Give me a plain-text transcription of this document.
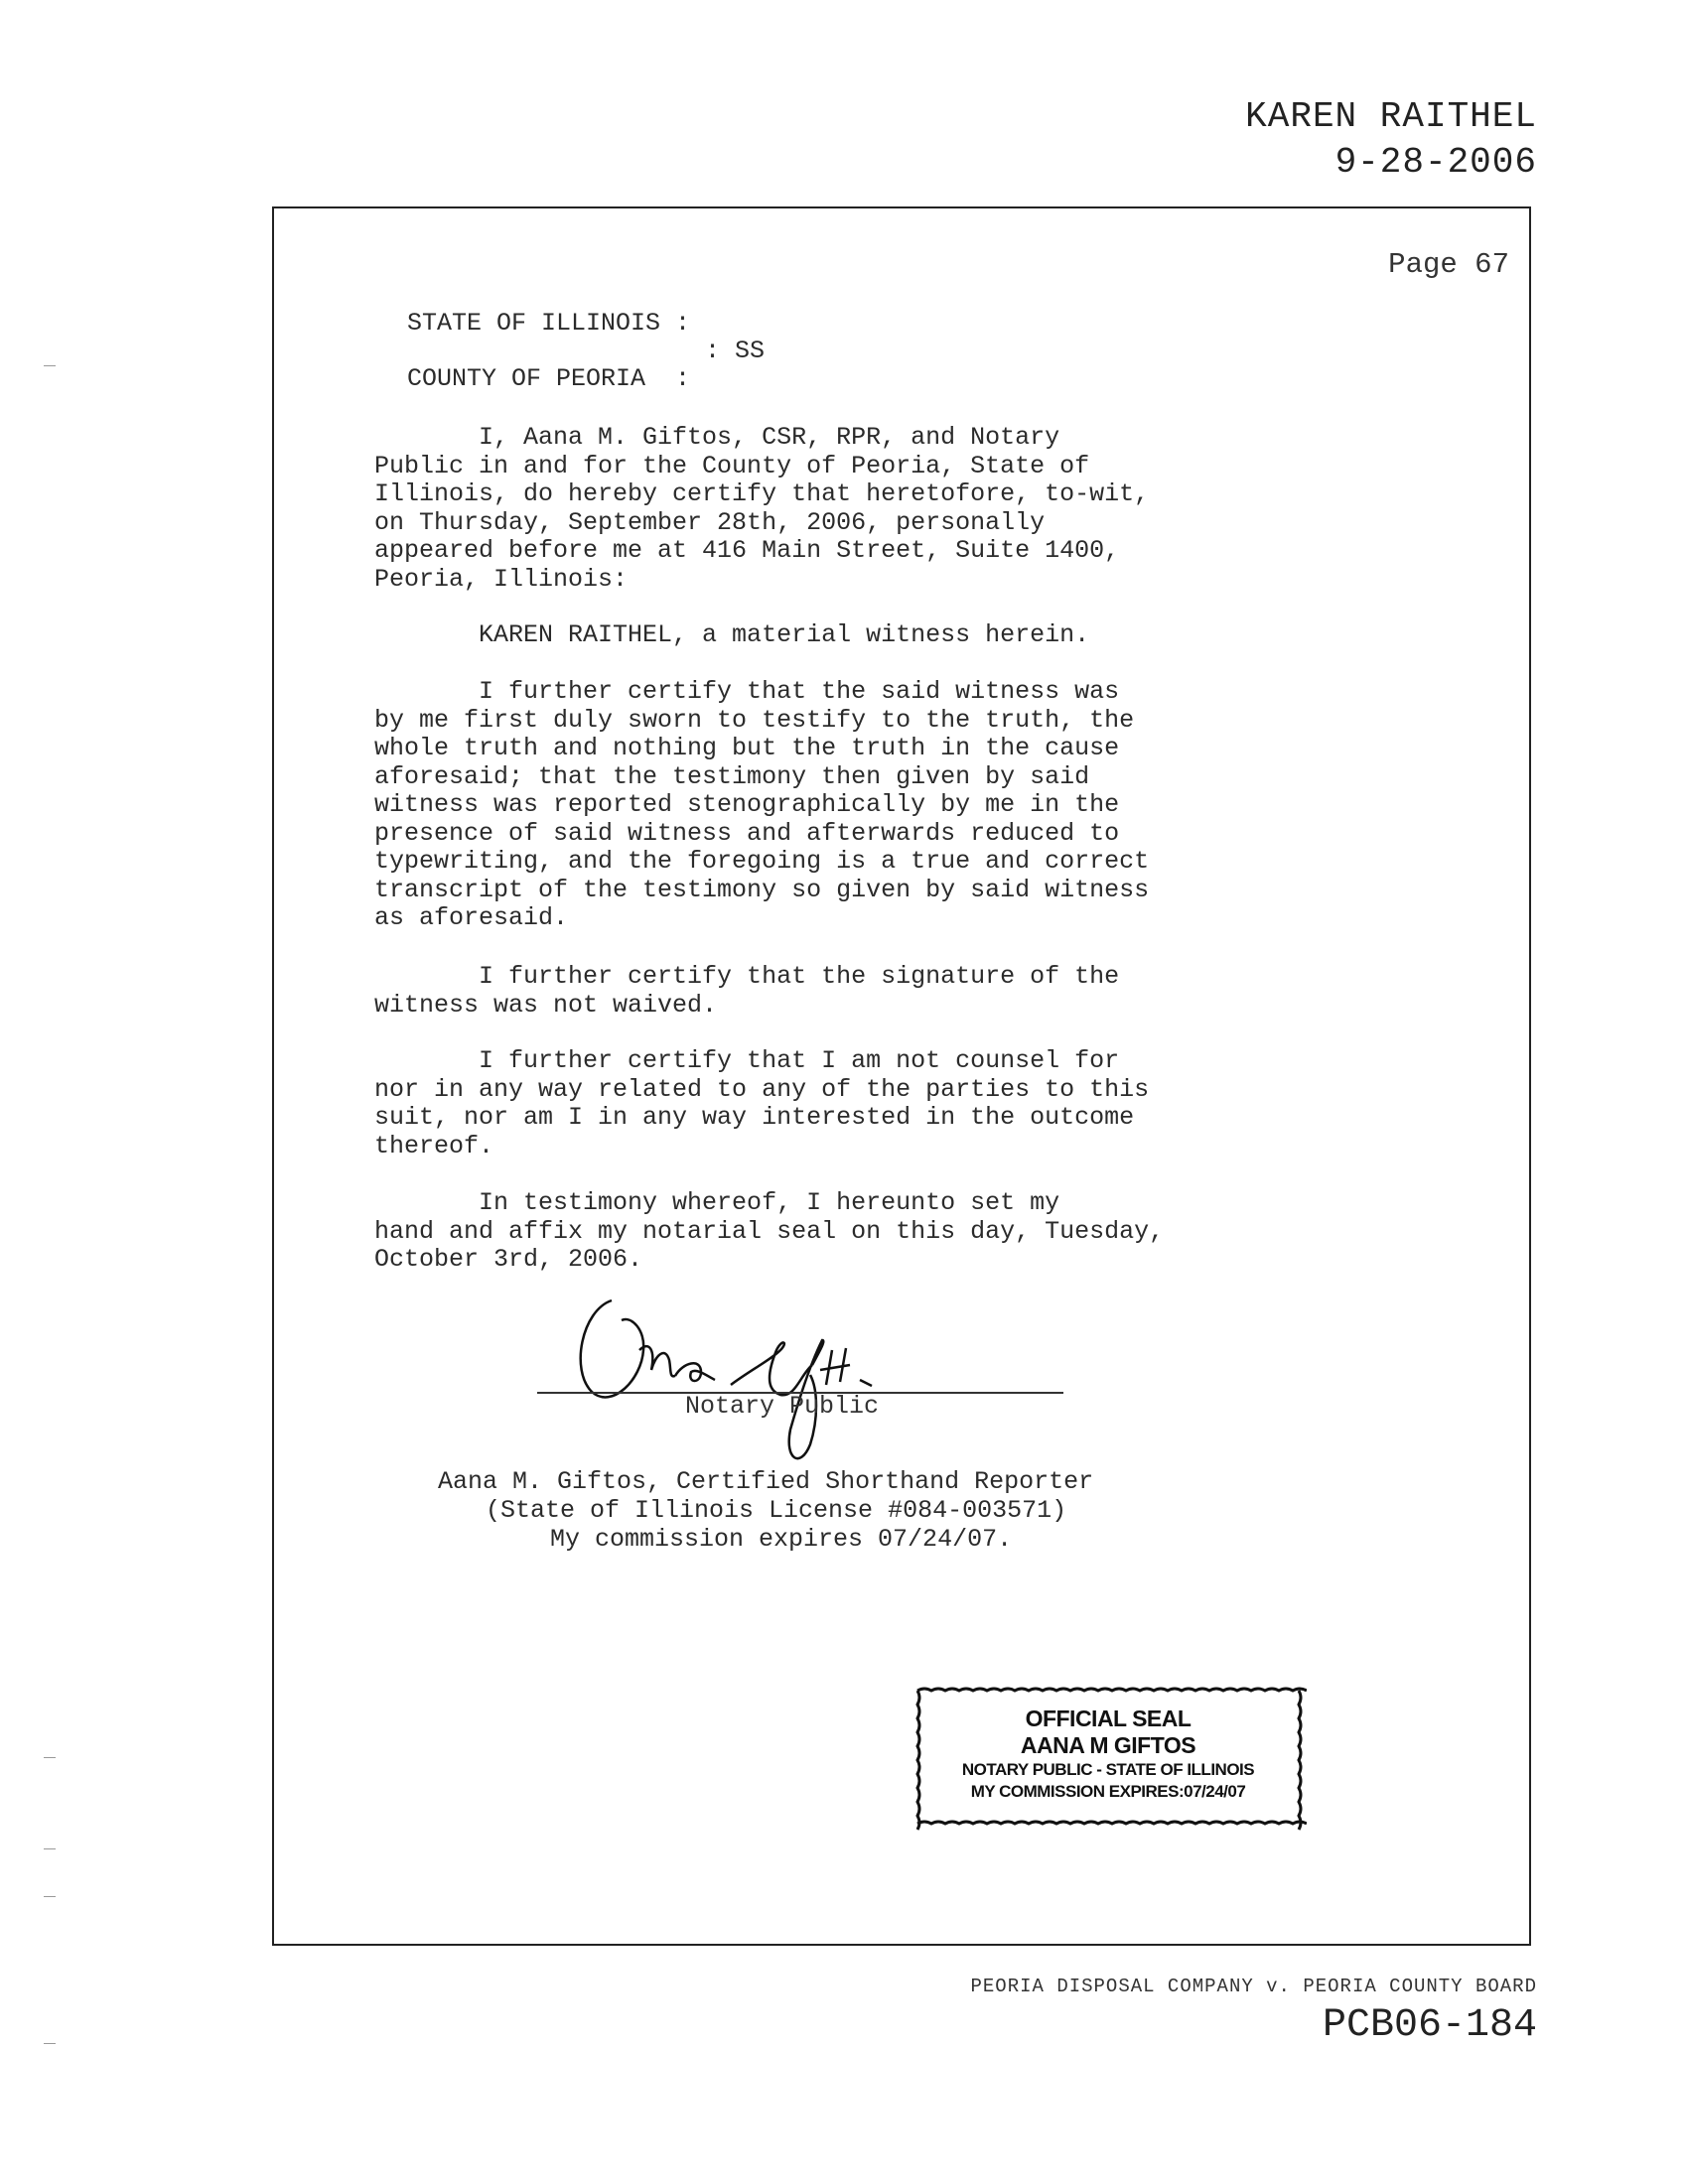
KAREN RAITHEL
9-28-2006
Page 67
STATE OF ILLINOIS :
: SS
COUNTY OF PEORIA  :
I, Aana M. Giftos, CSR, RPR, and Notary
Public in and for the County of Peoria, State of
Illinois, do hereby certify that heretofore, to-wit,
on Thursday, September 28th, 2006, personally
appeared before me at 416 Main Street, Suite 1400,
Peoria, Illinois:
KAREN RAITHEL, a material witness herein.
I further certify that the said witness was
by me first duly sworn to testify to the truth, the
whole truth and nothing but the truth in the cause
aforesaid; that the testimony then given by said
witness was reported stenographically by me in the
presence of said witness and afterwards reduced to
typewriting, and the foregoing is a true and correct
transcript of the testimony so given by said witness
as aforesaid.
I further certify that the signature of the
witness was not waived.
I further certify that I am not counsel for
nor in any way related to any of the parties to this
suit, nor am I in any way interested in the outcome
thereof.
In testimony whereof, I hereunto set my
hand and affix my notarial seal on this day, Tuesday,
October 3rd, 2006.
Notary Public
Aana M. Giftos, Certified Shorthand Reporter
(State of Illinois License #084-003571)
My commission expires 07/24/07.
OFFICIAL SEAL
AANA M GIFTOS
NOTARY PUBLIC - STATE OF ILLINOIS
MY COMMISSION EXPIRES:07/24/07
PEORIA DISPOSAL COMPANY v. PEORIA COUNTY BOARD
PCB06-184
